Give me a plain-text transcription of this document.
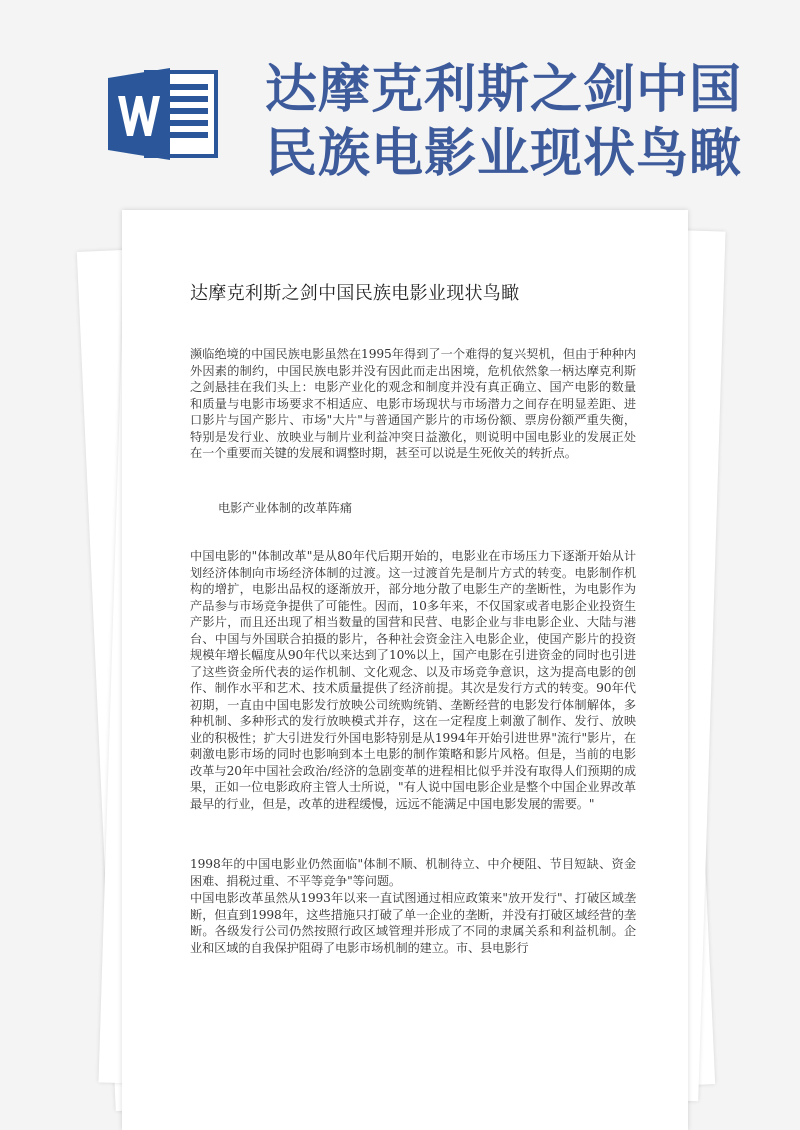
达摩克利斯之剑中国民族电影业现状鸟瞰
达摩克利斯之剑中国民族电影业现状鸟瞰

濒临绝境的中国民族电影虽然在1995年得到了一个难得的复兴契机，但由于种种内外因素的制约，中国民族电影并没有因此而走出困境，危机依然象一柄达摩克利斯之剑悬挂在我们头上：电影产业化的观念和制度并没有真正确立、国产电影的数量和质量与电影市场要求不相适应、电影市场现状与市场潜力之间存在明显差距、进口影片与国产影片、市场"大片"与普通国产影片的市场份额、票房份额严重失衡，特别是发行业、放映业与制片业利益冲突日益激化，则说明中国电影业的发展正处在一个重要而关键的发展和调整时期，甚至可以说是生死攸关的转折点。

电影产业体制的改革阵痛

中国电影的"体制改革"是从80年代后期开始的，电影业在市场压力下逐渐开始从计划经济体制向市场经济体制的过渡。这一过渡首先是制片方式的转变。电影制作机构的增扩，电影出品权的逐渐放开，部分地分散了电影生产的垄断性，为电影作为产品参与市场竞争提供了可能性。因而，10多年来，不仅国家或者电影企业投资生产影片，而且还出现了相当数量的国营和民营、电影企业与非电影企业、大陆与港台、中国与外国联合拍摄的影片，各种社会资金注入电影企业，使国产影片的投资规模年增长幅度从90年代以来达到了10%以上，国产电影在引进资金的同时也引进了这些资金所代表的运作机制、文化观念、以及市场竞争意识，这为提高电影的创作、制作水平和艺术、技术质量提供了经济前提。其次是发行方式的转变。90年代初期，一直由中国电影发行放映公司统购统销、垄断经营的电影发行体制解体，多种机制、多种形式的发行放映模式并存，这在一定程度上刺激了制作、发行、放映业的积极性；扩大引进发行外国电影特别是从1994年开始引进世界"流行"影片，在刺激电影市场的同时也影响到本土电影的制作策略和影片风格。但是，当前的电影改革与20年中国社会政治/经济的急剧变革的进程相比似乎并没有取得人们预期的成果，正如一位电影政府主管人士所说，"有人说中国电影企业是整个中国企业界改革最早的行业，但是，改革的进程缓慢，远远不能满足中国电影发展的需要。"

1998年的中国电影业仍然面临"体制不顺、机制待立、中介梗阻、节目短缺、资金困难、捐税过重、不平等竞争"等问题。

中国电影改革虽然从1993年以来一直试图通过相应政策来"放开发行"、打破区域垄断，但直到1998年，这些措施只打破了单一企业的垄断，并没有打破区域经营的垄断。各级发行公司仍然按照行政区域管理并形成了不同的隶属关系和利益机制。企业和区域的自我保护阻碍了电影市场机制的建立。市、县电影行
